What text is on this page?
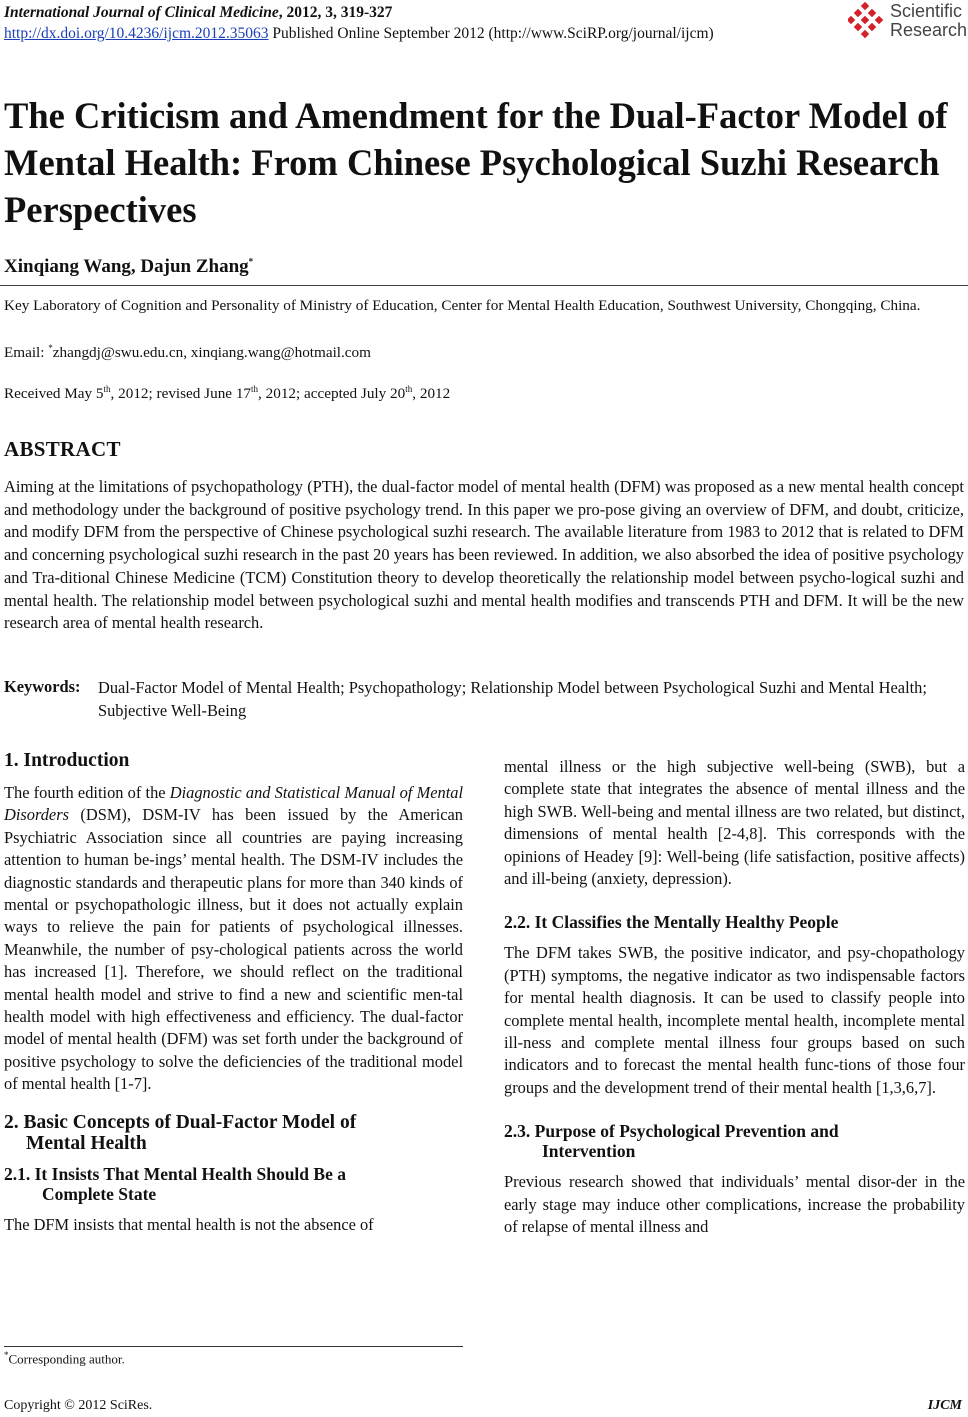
International Journal of Clinical Medicine, 2012, 3, 319-327
http://dx.doi.org/10.4236/ijcm.2012.35063 Published Online September 2012 (http://www.SciRP.org/journal/ijcm)
Scientific
Research
The Criticism and Amendment for the Dual-Factor Model of Mental Health: From Chinese Psychological Suzhi Research Perspectives
Xinqiang Wang, Dajun Zhang*
Key Laboratory of Cognition and Personality of Ministry of Education, Center for Mental Health Education, Southwest University, Chongqing, China.
Email: *zhangdj@swu.edu.cn, xinqiang.wang@hotmail.com
Received May 5th, 2012; revised June 17th, 2012; accepted July 20th, 2012
ABSTRACT

Aiming at the limitations of psychopathology (PTH), the dual-factor model of mental health (DFM) was proposed as a new mental health concept and methodology under the background of positive psychology trend. In this paper we pro-pose giving an overview of DFM, and doubt, criticize, and modify DFM from the perspective of Chinese psychological suzhi research. The available literature from 1983 to 2012 that is related to DFM and concerning psychological suzhi research in the past 20 years has been reviewed. In addition, we also absorbed the idea of positive psychology and Tra-ditional Chinese Medicine (TCM) Constitution theory to develop theoretically the relationship model between psycho-logical suzhi and mental health. The relationship model between psychological suzhi and mental health modifies and transcends PTH and DFM. It will be the new research area of mental health research.

Keywords: Dual-Factor Model of Mental Health; Psychopathology; Relationship Model between Psychological Suzhi and Mental Health; Subjective Well-Being
1. Introduction

The fourth edition of the Diagnostic and Statistical Manual of Mental Disorders (DSM), DSM-IV has been issued by the American Psychiatric Association since all countries are paying increasing attention to human be-ings’ mental health. The DSM-IV includes the diagnostic standards and therapeutic plans for more than 340 kinds of mental or psychopathologic illness, but it does not actually explain ways to relieve the pain for patients of psychological illnesses. Meanwhile, the number of psy-chological patients across the world has increased [1]. Therefore, we should reflect on the traditional mental health model and strive to find a new and scientific men-tal health model with high effectiveness and efficiency. The dual-factor model of mental health (DFM) was set forth under the background of positive psychology to solve the deficiencies of the traditional model of mental health [1-7].

2. Basic Concepts of Dual-Factor Model of
Mental Health
2.1. It Insists That Mental Health Should Be a
Complete State

The DFM insists that mental health is not the absence of

mental illness or the high subjective well-being (SWB), but a complete state that integrates the absence of mental illness and the high SWB. Well-being and mental illness are two related, but distinct, dimensions of mental health [2-4,8]. This corresponds with the opinions of Headey [9]: Well-being (life satisfaction, positive affects) and ill-being (anxiety, depression).

2.2. It Classifies the Mentally Healthy People

The DFM takes SWB, the positive indicator, and psy-chopathology (PTH) symptoms, the negative indicator as two indispensable factors for mental health diagnosis. It can be used to classify people into complete mental health, incomplete mental health, incomplete mental ill-ness and complete mental illness four groups based on such indicators and to forecast the mental health func-tions of those four groups and the development trend of their mental health [1,3,6,7].

2.3. Purpose of Psychological Prevention and
Intervention

Previous research showed that individuals’ mental disor-der in the early stage may induce other complications, increase the probability of relapse of mental illness and

*Corresponding author.
Copyright © 2012 SciRes.	IJCM
